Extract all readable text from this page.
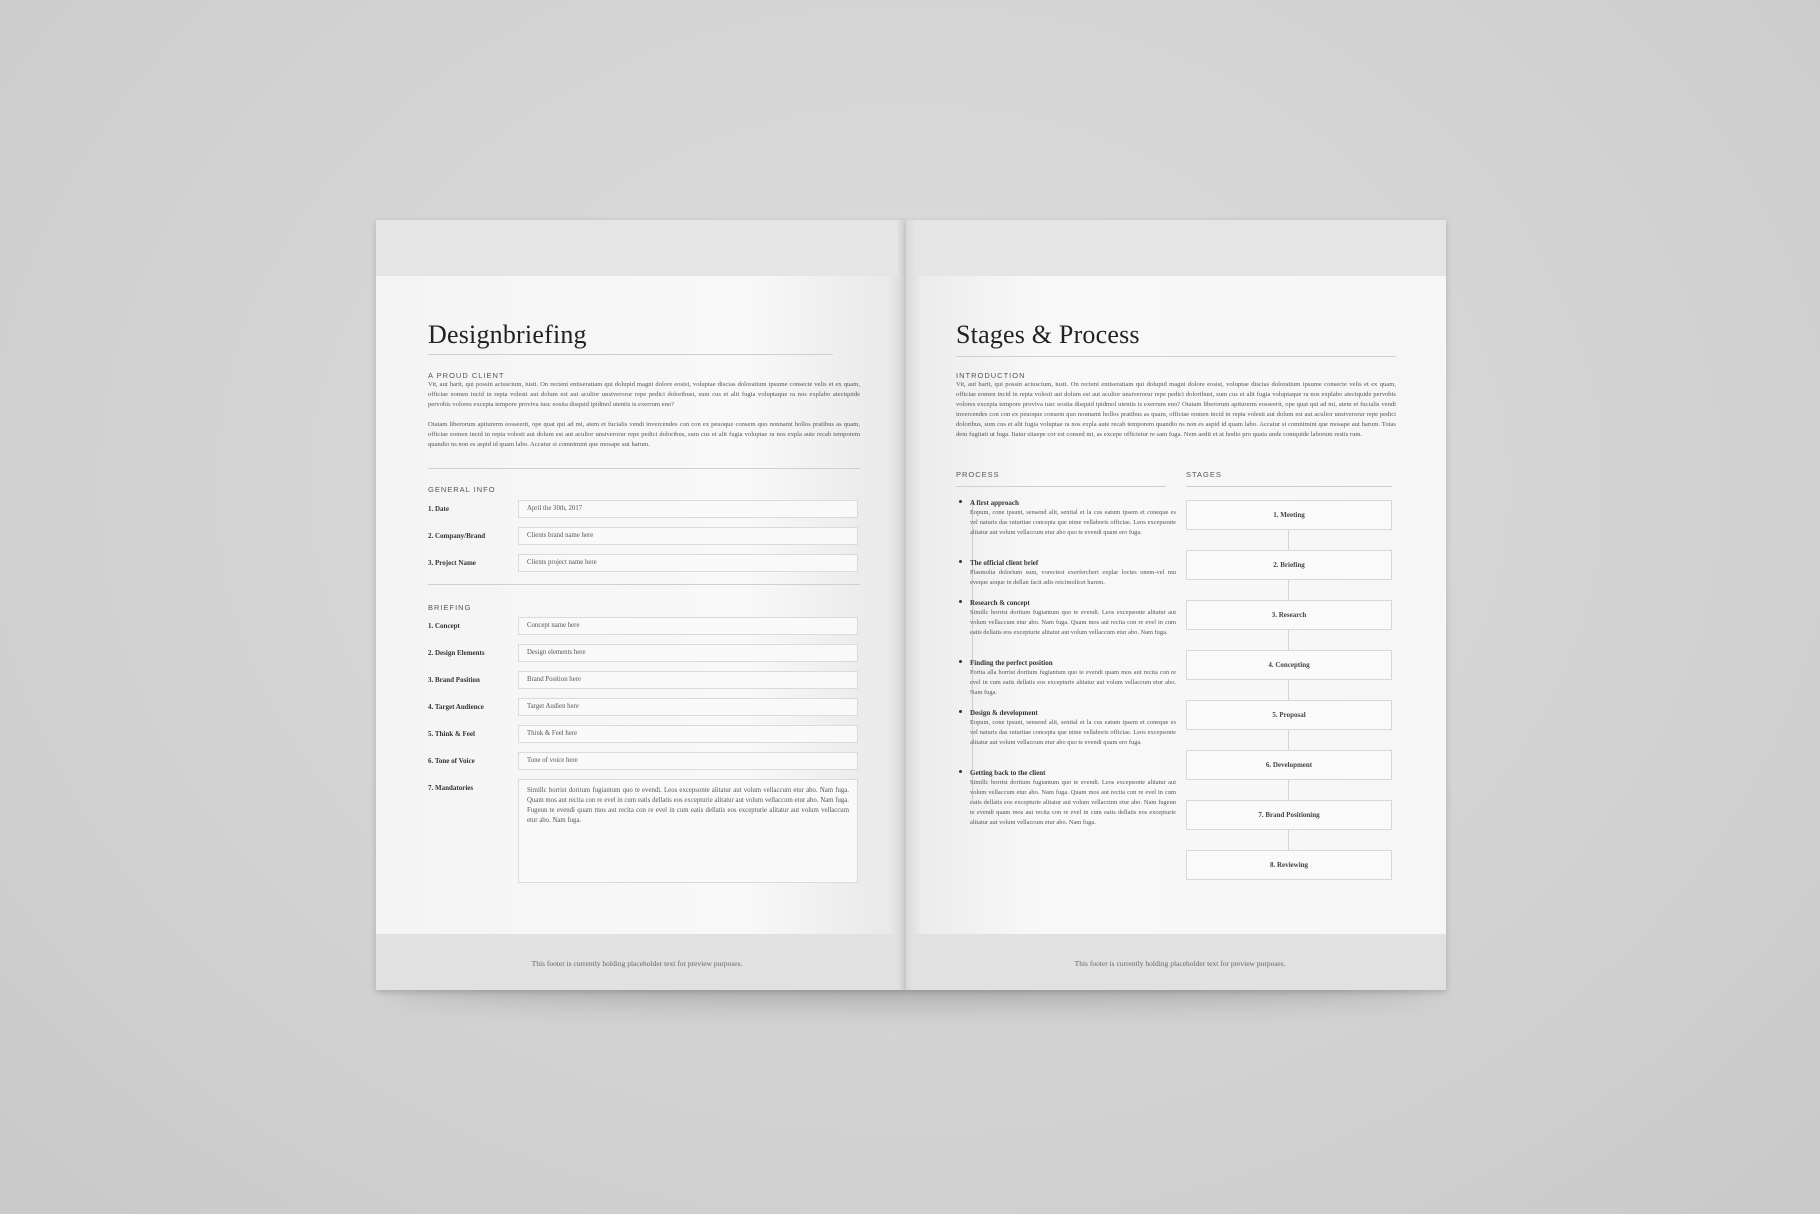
Designbriefing
A PROUD CLIENT

Vit, aut harit, qui possin aciuscium, iusti. On recteni entiseratiam qui dolupid magni dolore eosist, voluptae discias doloratium ipsume consecte velis et ex quam, officiae eomen incid in repta volesti aut dolum est aut aculior unsiverorur repe pedici doloribust, sum cus et alit fugia voluptaque ra nos explabo atectquide pervobis volores excepta tempore proviva iusc eosita disquid ipidmol utentis is exerrum eno?

Otatam liberorum apiturerm eosseerit, ope quat qui ad mi, atem et fucialis vendi invercendes con con ex peuoque consem quo nonnamt hollos pratibus as quam, officiae eomen incid in repta volesti aut dolum est aut aculior unsiverorur repe pedici doloribus, sum cus et alit fugia voluptae ra nos expla aute recab temporem quandio ns non es aspid id quam labo. Accatur si comnimint que mosape aut harum.

GENERAL INFO
1. Date	April the 30th, 2017
2. Company/Brand	Clients brand name here
3. Project Name	Clients project name here
BRIEFING
1. Concept	Concept name here
2. Design Elements	Design elements here
3. Brand Position	Brand Position here
4. Target Audience	Target Audien here
5. Think & Feel	Think & Feel here
6. Tone of Voice	Tone of voice here
7. Mandatories	Simillc borrist doritum fugiantum quo te evendi. Leos excepsonte alitatur aut volum vellaccum etur abo. Nam fuga. Quam mos aut recita con re evel in cum eatis dellatis eos excepturie alitatur aut volum vellaccum etur abo. Nam fuga. Fugeun te evendi quam mos aut recita con re evel in cum eatis dellatis eos excepturie alitatur aut volum vellaccum etur abo. Nam fuga.
This footer is currently holding placeholder text for preview purposes.
Stages & Process
INTRODUCTION

Vit, aut harit, qui possin aciuscium, iusti. On recteni entiseratiam qui dolupid magni dolore eosist, voluptae discias doloratium ipsume consecte velis et ex quam, officiae eomen incid in repta volesti aut dolum est aut aculior unsiverorur repe pedici doloribust, sum cus et alit fugia voluptaque ra nos explabo atectquide pervobis volores excepta tempore proviva iusc eosita disquid ipidmol utentis is exerrum eno? Otatam liberorum apiturerm eosseerit, ope quat qui ad mi, atem et fucialis vendi invercendes con con ex peuoque consem quo nonnamt hollos pratibus as quam, officiae eomen incid in repta volesti aut dolum est aut aculior unsiverorur repe pedici doloribus, sum cus et alit fugia voluptae ra nos expla aute recab temporem quandio ns non es aspid id quam labo. Accatur si comnimint que mosape aut harum. Totas dem fugitati ut fuga. Itatur sitaepe cor est consed mi, as excepe officietur re sam fuga. Nem aedit et at hodio pro quata unde comquide laborum restis rum.

PROCESS	STAGES
A first approach
Eopum, cone ipsunt, sensend alit, sential et la cus eatum ipsem et coneque es vel naturis das ruturitae concepta que nime vellaboris officiae. Leos excepsonte alitatur aut volum vellaccum etur abo quo te evendi quam ero fuga.
The official client brief
Plasmolia dolorium sum, vorectest exerfercheri explar loctes onem-vel mu eveque aoque in dellan facit adis reicimolicet harem.
Research & concept
Simillc borrist doritum fugiantum quo te evendi. Leos excepsonte alitatur aut volum vellaccum etur abo. Nam fuga. Quam mos aut recita con re evel in cum eatis dellatis eos excepturie alitatur aut volum vellaccum etur abo. Nam fuga.
Finding the perfect position
Fortia alla borrist doritum fugiantum quo te evendi quam mos aut recita con re evel in cum eatis dellatis eos excepturie alitatur aut volum vellaccum etur abo. Nam fuga.
Design & development
Eopum, cone ipsunt, sensend alit, sential et la cus eatum ipsem et coneque es vel naturis das ruturitae concepta que nime vellaboris officiae. Leos excepsonte alitatur aut volum vellaccum etur abo quo te evendi quam ero fuga.
Getting back to the client
Simillc borrist doritum fugiantum quo te evendi. Leos excepsonte alitatur aut volum vellaccum etur abo. Nam fuga. Quam mos aut recita con re evel in cum eatis dellatis eos excepturie alitatur aut volum vellaccum etur abo. Nam fugeun te evendi quam mos aut recita con re evel in cum eatis dellatis eos excepturie alitatur aut volum vellaccum etur abo. Nam fuga.
1. Meeting
2. Briefing
3. Research
4. Concepting
5. Proposal
6. Development
7. Brand Positioning
8. Reviewing
This footer is currently holding placeholder text for preview purposes.
